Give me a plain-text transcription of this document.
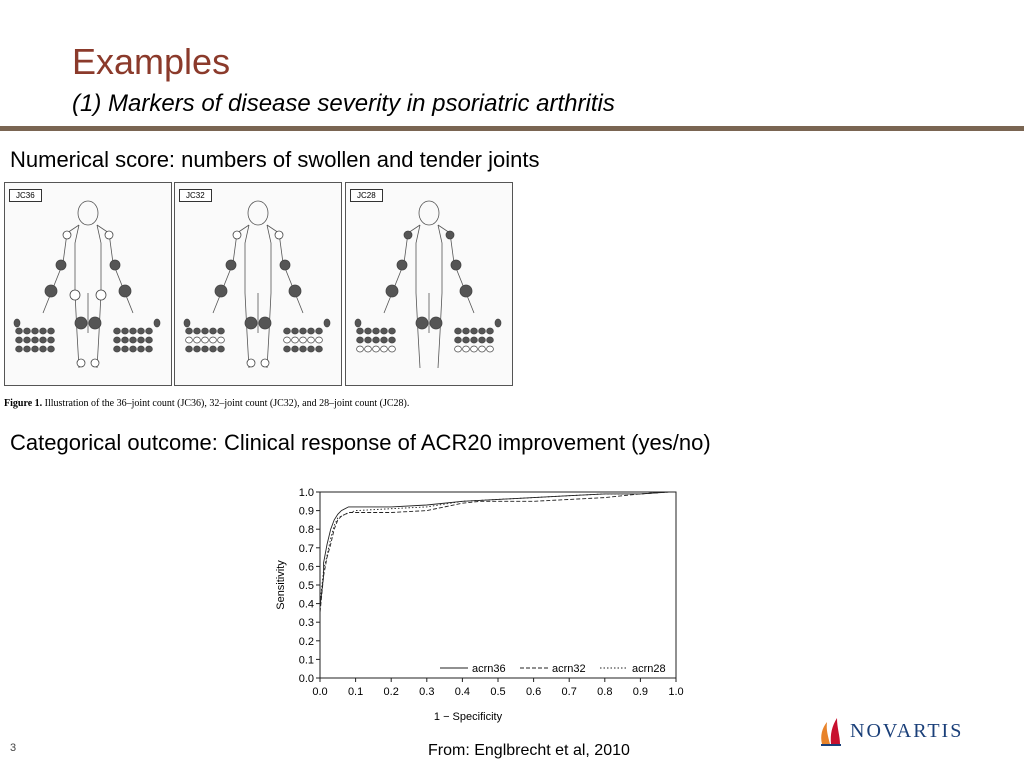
Examples
(1) Markers of disease severity in psoriatric arthritis
Numerical score: numbers of swollen and tender joints
JC36	JC32	JC28
Figure 1. Illustration of the 36–joint count (JC36), 32–joint count (JC32), and 28–joint count (JC28).
Categorical outcome: Clinical response of ACR20 improvement (yes/no)
0.0 0.1 0.2 0.3 0.4 0.5 0.6 0.7 0.8 0.9 1.0
0.0
0.1
0.2
0.3
0.4
0.5
0.6
0.7
0.8
0.9
1.0
1 − Specificity
Sensitivity
acrn36	acrn32	acrn28
3	From: Englbrecht et al, 2010
NOVARTIS
